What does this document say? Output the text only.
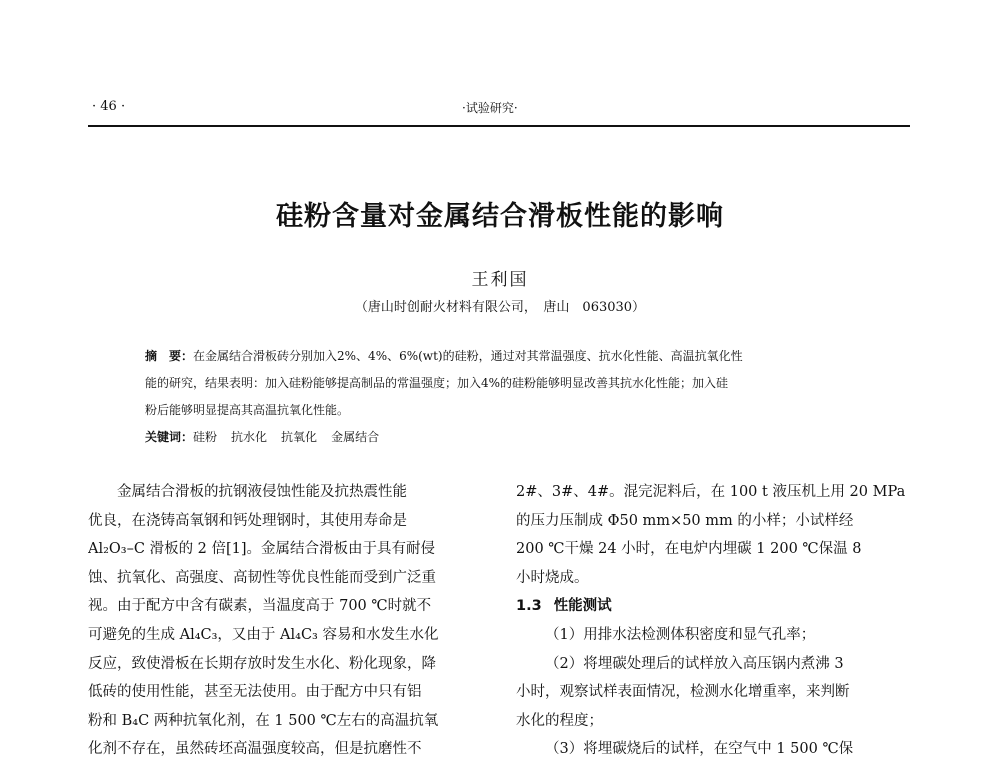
· 46 ·	·试验研究·
硅粉含量对金属结合滑板性能的影响
王利国
（唐山时创耐火材料有限公司，　唐山　063030）
摘　要：在金属结合滑板砖分别加入2%、4%、6%(wt)的硅粉，通过对其常温强度、抗水化性能、高温抗氧化性
能的研究，结果表明：加入硅粉能够提高制品的常温强度；加入4%的硅粉能够明显改善其抗水化性能；加入硅
粉后能够明显提高其高温抗氧化性能。
关键词：硅粉 抗水化 抗氧化 金属结合
金属结合滑板的抗钢液侵蚀性能及抗热震性能
优良，在浇铸高氧钢和钙处理钢时，其使用寿命是
Al₂O₃–C 滑板的 2 倍[1]。金属结合滑板由于具有耐侵
蚀、抗氧化、高强度、高韧性等优良性能而受到广泛重
视。由于配方中含有碳素，当温度高于 700 ℃时就不
可避免的生成 Al₄C₃，又由于 Al₄C₃ 容易和水发生水化
反应，致使滑板在长期存放时发生水化、粉化现象，降
低砖的使用性能，甚至无法使用。由于配方中只有铝
粉和 B₄C 两种抗氧化剂，在 1 500 ℃左右的高温抗氧
化剂不存在，虽然砖坯高温强度较高，但是抗磨性不
2#、3#、4#。混完泥料后，在 100 t 液压机上用 20 MPa
的压力压制成 Φ50 mm×50 mm 的小样；小试样经
200 ℃干燥 24 小时，在电炉内埋碳 1 200 ℃保温 8
小时烧成。
1.3 性能测试
（1）用排水法检测体积密度和显气孔率；
（2）将埋碳处理后的试样放入高压锅内煮沸 3
小时，观察试样表面情况，检测水化增重率，来判断
水化的程度；
（3）将埋碳烧后的试样，在空气中 1 500 ℃保
